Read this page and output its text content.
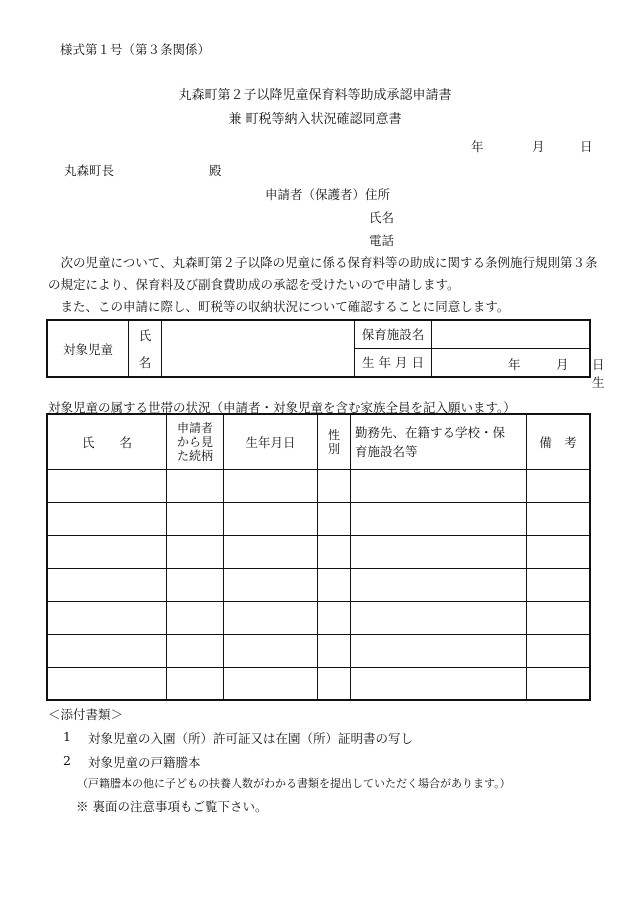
様式第１号（第３条関係）
丸森町第２子以降児童保育料等助成承認申請書
兼 町税等納入状況確認同意書
年	月	日
丸森町長	殿
申請者（保護者）住所
氏名
電話
次の児童について、丸森町第２子以降の児童に係る保育料等の助成に関する条例施行規則第３条の規定により、保育料及び副食費助成の承認を受けたいので申請します。
また、この申請に際し、町税等の収納状況について確認することに同意します。
対象児童	氏		保育施設名	
	名		生 年 月 日	年 月 日生
対象児童の属する世帯の状況（申請者・対象児童を含む家族全員を記入願います。）
氏　　名	申請者から見た続柄	生年月日	性別	勤務先、在籍する学校・保育施設名等	備　考

＜添付書類＞
1 対象児童の入園（所）許可証又は在園（所）証明書の写し
2 対象児童の戸籍謄本
（戸籍謄本の他に子どもの扶養人数がわかる書類を提出していただく場合があります。）
※ 裏面の注意事項もご覧下さい。
